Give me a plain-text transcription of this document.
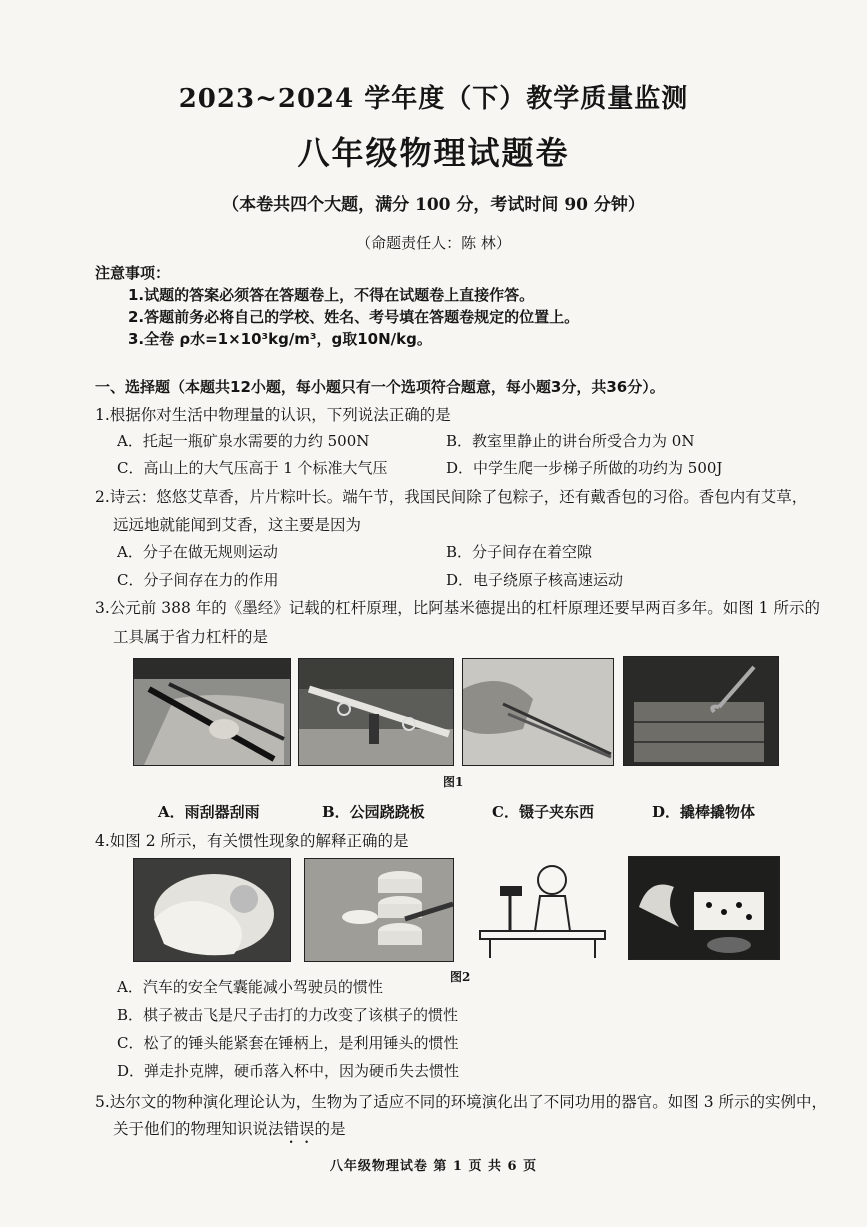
2023~2024 学年度（下）教学质量监测
八年级物理试题卷
（本卷共四个大题，满分 100 分，考试时间 90 分钟）
（命题责任人：陈 林）
注意事项：
1.试题的答案必须答在答题卷上，不得在试题卷上直接作答。
2.答题前务必将自己的学校、姓名、考号填在答题卷规定的位置上。
3.全卷 ρ水=1×10³kg/m³，g取10N/kg。
一、选择题（本题共12小题，每小题只有一个选项符合题意，每小题3分，共36分）。
1.根据你对生活中物理量的认识，下列说法正确的是
A．托起一瓶矿泉水需要的力约 500N	B．教室里静止的讲台所受合力为 0N
C．高山上的大气压高于 1 个标准大气压	D．中学生爬一步梯子所做的功约为 500J
2.诗云：悠悠艾草香，片片粽叶长。端午节，我国民间除了包粽子，还有戴香包的习俗。香包内有艾草，
远远地就能闻到艾香，这主要是因为
A．分子在做无规则运动	B．分子间存在着空隙
C．分子间存在力的作用	D．电子绕原子核高速运动
3.公元前 388 年的《墨经》记载的杠杆原理，比阿基米德提出的杠杆原理还要早两百多年。如图 1 所示的
工具属于省力杠杆的是
图1
A．雨刮器刮雨	B．公园跷跷板	C．镊子夹东西	D．撬棒撬物体
4.如图 2 所示，有关惯性现象的解释正确的是
图2
A．汽车的安全气囊能减小驾驶员的惯性
B．棋子被击飞是尺子击打的力改变了该棋子的惯性
C．松了的锤头能紧套在锤柄上，是利用锤头的惯性
D．弹走扑克牌，硬币落入杯中，因为硬币失去惯性
5.达尔文的物种演化理论认为，生物为了适应不同的环境演化出了不同功用的器官。如图 3 所示的实例中，
关于他们的物理知识说法错误的是
八年级物理试卷 第 1 页 共 6 页
